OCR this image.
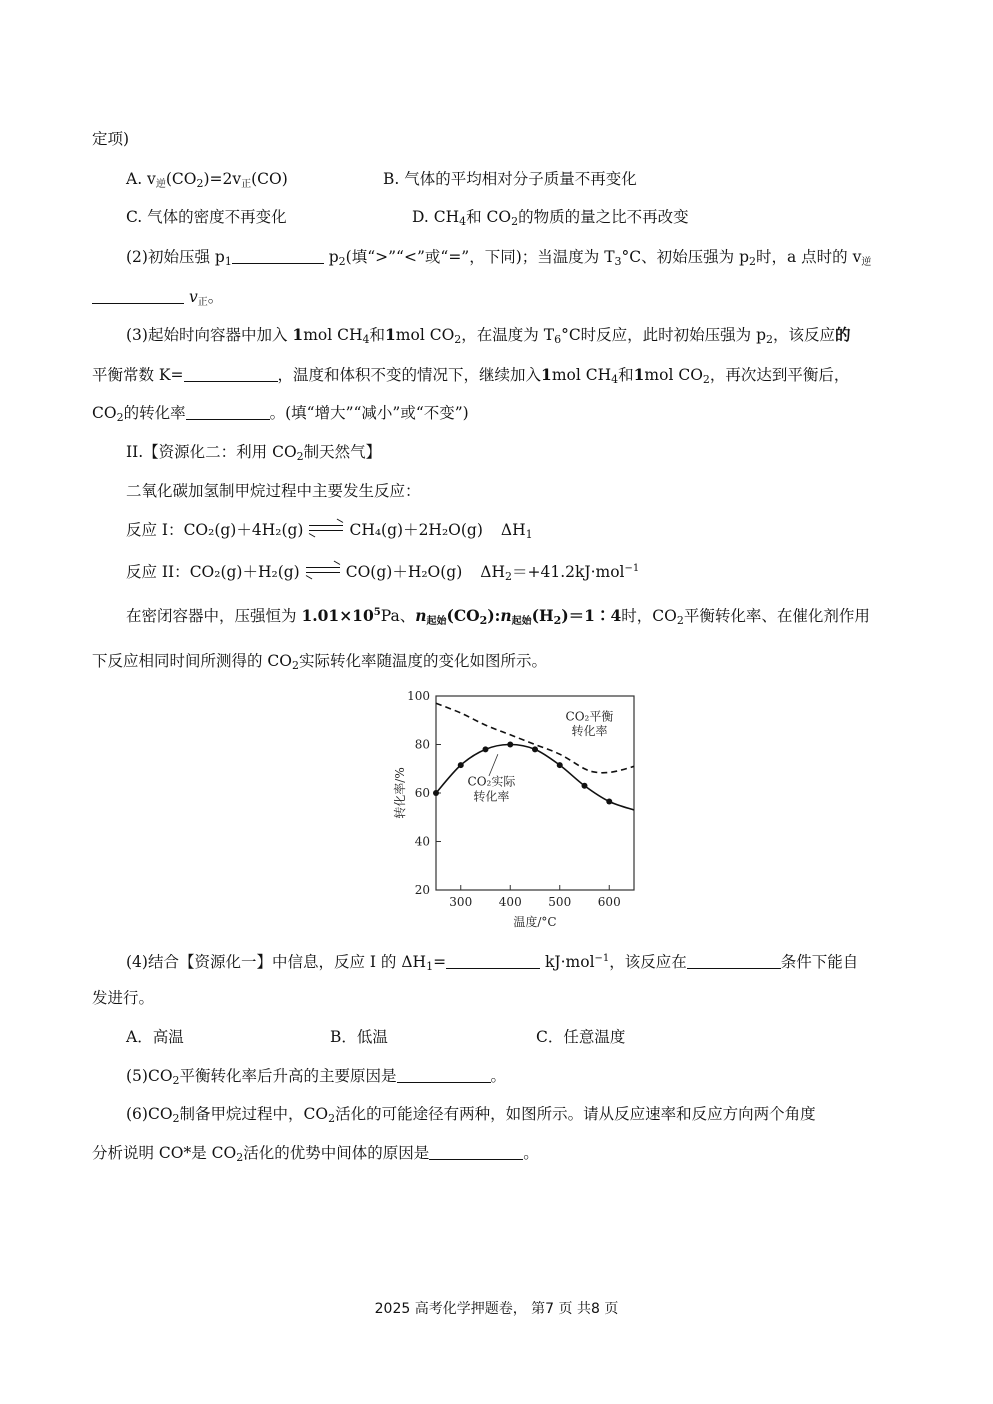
定项)
A. v逆$(CO_2)=2v$正(CO)	B. 气体的平均相对分子质量不再变化
C. 气体的密度不再变化	D. $CH_4$和 $CO_2$的物质的量之比不再改变
(2)初始压强 $p_1$	$p_2$(填“>”“<”或“=”，下同)；当温度为 $T_3^\circ C$、初始压强为 $p_2$时，a 点时的 v逆
v正。
(3)起始时向容器中加入 1mol $CH_4$和1mol $CO_2$，在温度为 $T_6^\circ C$时反应，此时初始压强为 $p_2$，该反应的
平衡常数 K=	，温度和体积不变的情况下，继续加入1mol $CH_4$和1mol $CO_2$，再次达到平衡后，
$CO_2$的转化率	。(填“增大”“减小”或“不变”)
II.【资源化二：利用 $CO_2$制天然气】
二氧化碳加氢制甲烷过程中主要发生反应：
反应 I：CO₂(g)＋4H₂(g)	CH₄(g)＋2H₂O(g) $\Delta H_1$
反应 II：CO₂(g)＋H₂(g)	CO(g)＋H₂O(g) $\Delta H_2=+41.2kJ\cdot mol^{-1}$
在密闭容器中，压强恒为 $1.01\times 10^5Pa$、n起始$(CO_2):n$起始$(H_2)=1∶4$时，$CO_2$平衡转化率、在催化剂作用
下反应相同时间所测得的 $CO_2$实际转化率随温度的变化如图所示。
300 400 500 600
20
40
60
80
100
温度/°C
转化率/%
CO₂平衡
转化率
CO₂实际
转化率
(4)结合【资源化一】中信息，反应 I 的 $\Delta H_1=$	kJ·mol$^{-1}$，该反应在	条件下能自
发进行。
A．高温	B．低温	C．任意温度
$(5)CO_2$平衡转化率后升高的主要原因是	。
$(6)CO_2$制备甲烷过程中，$CO_2$活化的可能途径有两种，如图所示。请从反应速率和反应方向两个角度
分析说明 CO*是 $CO_2$活化的优势中间体的原因是	。
2025 高考化学押题卷， 第7 页 共8 页
